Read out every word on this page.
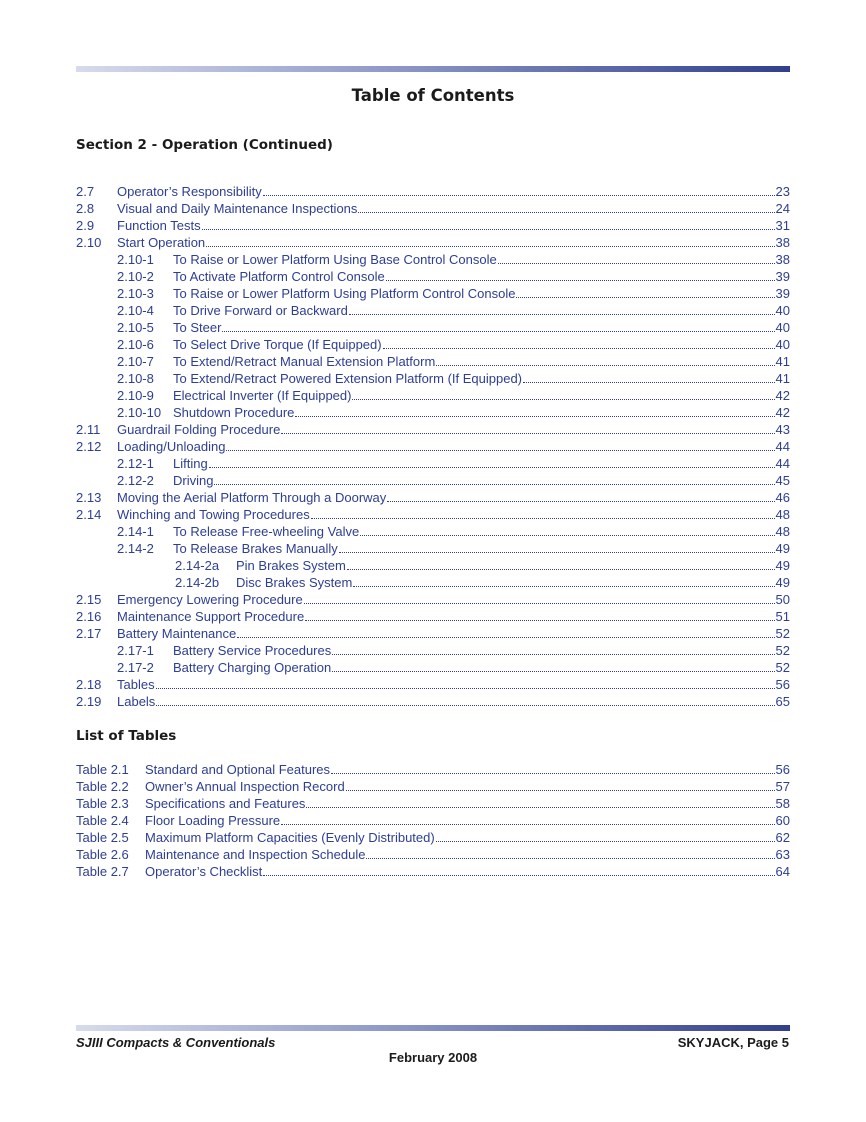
Table of Contents
Section 2 - Operation (Continued)
2.7	Operator’s Responsibility	23
2.8	Visual and Daily Maintenance Inspections	24
2.9	Function Tests	31
2.10	Start Operation	38
2.10-1	To Raise or Lower Platform Using Base Control Console	38
2.10-2	To Activate Platform Control Console	39
2.10-3	To Raise or Lower Platform Using Platform Control Console	39
2.10-4	To Drive Forward or Backward	40
2.10-5	To Steer	40
2.10-6	To Select Drive Torque (If Equipped)	40
2.10-7	To Extend/Retract Manual Extension Platform	41
2.10-8	To Extend/Retract Powered Extension Platform (If Equipped)	41
2.10-9	Electrical Inverter (If Equipped)	42
2.10-10 Shutdown Procedure	42
2.11	Guardrail Folding Procedure	43
2.12	Loading/Unloading	44
2.12-1	Lifting	44
2.12-2	Driving	45
2.13	Moving the Aerial Platform Through a Doorway	46
2.14	Winching and Towing Procedures	48
2.14-1	To Release Free-wheeling Valve	48
2.14-2	To Release Brakes Manually	49
2.14-2a	Pin Brakes System	49
2.14-2b	Disc Brakes System	49
2.15	Emergency Lowering Procedure	50
2.16	Maintenance Support Procedure	51
2.17	Battery Maintenance	52
2.17-1	Battery Service Procedures	52
2.17-2	Battery Charging Operation	52
2.18	Tables	56
2.19	Labels	65
List of Tables
Table 2.1	Standard and Optional Features	56
Table 2.2	Owner’s Annual Inspection Record	57
Table 2.3	Specifications and Features	58
Table 2.4	Floor Loading Pressure	60
Table 2.5	Maximum Platform Capacities (Evenly Distributed)	62
Table 2.6	Maintenance and Inspection Schedule	63
Table 2.7	Operator’s Checklist	64
SJIII Compacts & Conventionals	SKYJACK, Page 5
February 2008
